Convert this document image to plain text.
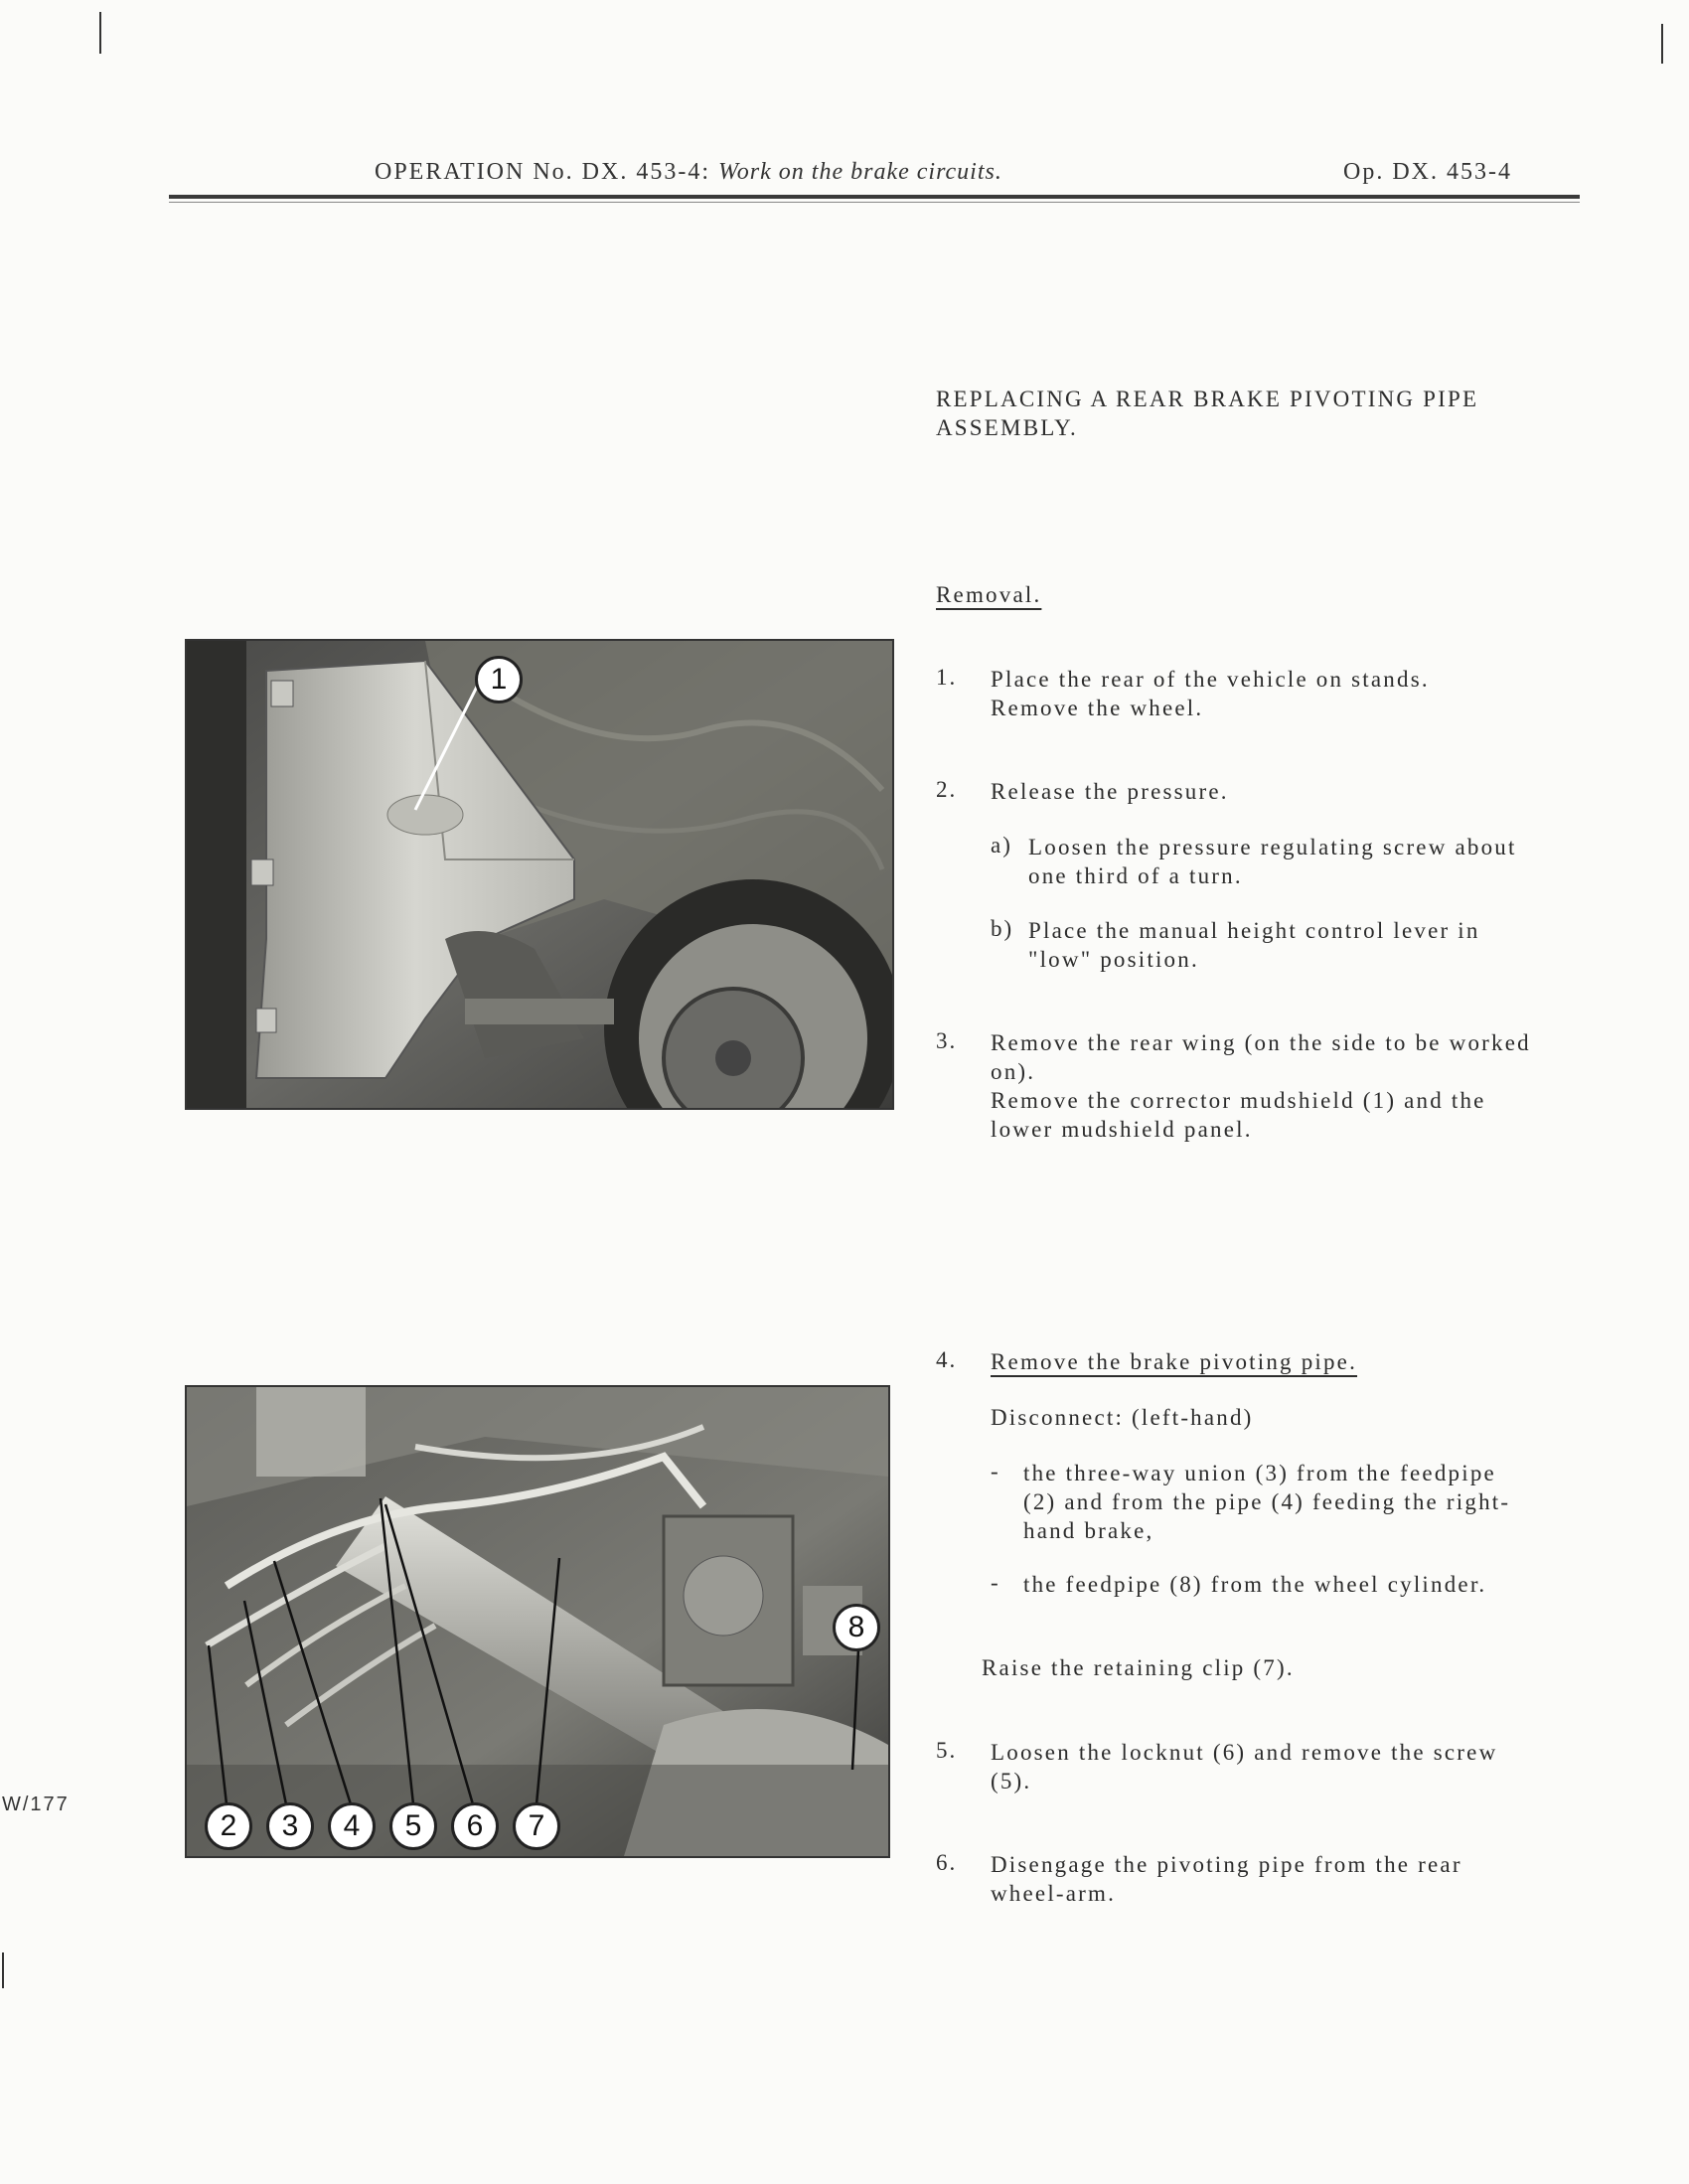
OPERATION No. DX. 453-4: Work on the brake circuits.	Op. DX. 453-4
REPLACING A REAR BRAKE PIVOTING PIPE ASSEMBLY.
Removal.
1	1. Place the rear of the vehicle on stands.
Remove the wheel.
2. Release the pressure.
a) Loosen the pressure regulating screw about
one third of a turn.
b) Place the manual height control lever in
"low" position.
3. Remove the rear wing (on the side to be worked
on).
Remove the corrector mudshield (1) and the
lower mudshield panel.
2	3	4	5	6	7
8
W/177
4. Remove the brake pivoting pipe.
Disconnect: (left-hand)
- the three-way union (3) from the feedpipe
(2) and from the pipe (4) feeding the right-
hand brake,
- the feedpipe (8) from the wheel cylinder.
Raise the retaining clip (7).
5. Loosen the locknut (6) and remove the screw
(5).
6. Disengage the pivoting pipe from the rear
wheel-arm.
